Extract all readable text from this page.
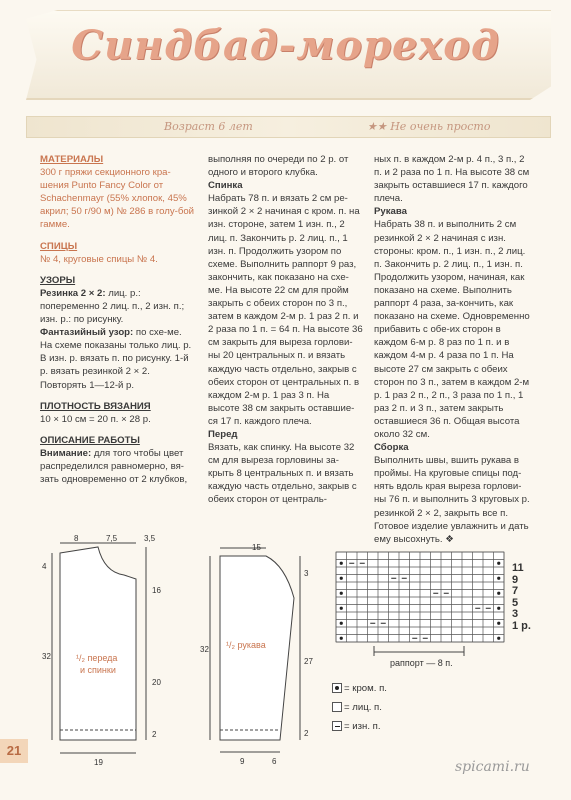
Синдбад-мореход
Возраст 6 лет	★★ Не очень просто
МАТЕРИАЛЫ
300 г пряжи секционного кра-шения Punto Fancy Color от Schachenmayr (55% хлопок, 45% акрил; 50 г/90 м) № 286 в голу-бой гамме.
СПИЦЫ
№ 4, круговые спицы № 4.
УЗОРЫ
Резинка 2 × 2: лиц. р.: попеременно 2 лиц. п., 2 изн. п.; изн. р.: по рисунку.
Фантазийный узор: по схе-ме. На схеме показаны только лиц. р. В изн. р. вязать п. по рисунку. 1-й р. вязать резинкой 2 × 2. Повторять 1—12-й р.
ПЛОТНОСТЬ ВЯЗАНИЯ
10 × 10 см = 20 п. × 28 р.
ОПИСАНИЕ РАБОТЫ
Внимание: для того чтобы цвет распределился равномерно, вя-зать одновременно от 2 клубков,
выполняя по очереди по 2 р. от одного и второго клубка.
Спинка
Набрать 78 п. и вязать 2 см ре-зинкой 2 × 2 начиная с кром. п. на изн. стороне, затем 1 изн. п., 2 лиц. п. Закончить р. 2 лиц. п., 1 изн. п. Продолжить узором по схеме. Выполнить раппорт 9 раз, закончить, как показано на схе-ме. На высоте 22 см для пройм закрыть с обеих сторон по 3 п., затем в каждом 2-м р. 1 раз 2 п. и 2 раза по 1 п. = 64 п. На высоте 36 см закрыть для выреза горлови-ны 20 центральных п. и вязать каждую часть отдельно, закрыв с обеих сторон от центральных п. в каждом 2-м р. 1 раз 3 п. На высоте 38 см закрыть оставшие-ся 17 п. каждого плеча.
Перед
Вязать, как спинку. На высоте 32 см для выреза горловины за-крыть 8 центральных п. и вязать каждую часть отдельно, закрыв с обеих сторон от централь-
ных п. в каждом 2-м р. 4 п., 3 п., 2 п. и 2 раза по 1 п. На высоте 38 см закрыть оставшиеся 17 п. каждого плеча.
Рукава
Набрать 38 п. и выполнить 2 см резинкой 2 × 2 начиная с изн. стороны: кром. п., 1 изн. п., 2 лиц. п. Закончить р. 2 лиц. п., 1 изн. п. Продолжить узором, начиная, как показано на схеме. Выполнить раппорт 4 раза, за-кончить, как показано на схеме. Одновременно прибавить с обе-их сторон в каждом 6-м р. 8 раз по 1 п. и в каждом 4-м р. 4 раза по 1 п. На высоте 27 см закрыть с обеих сторон по 3 п., затем в каждом 2-м р. 1 раз 2 п., 2 п., 3 раза по 1 п., 1 раз 2 п. и 3 п., затем закрыть оставшиеся 36 п. Общая высота около 32 см.
Сборка
Выполнить швы, вшить рукава в проймы. На круговые спицы под-нять вдоль края выреза горлови-ны 76 п. и выполнить 3 круговых р. резинкой 2 × 2, закрыть все п. Готовое изделие увлажнить и дать ему высохнуть. ❖
8	7,5	3,5
4
32
16
20
2
19
¹/₂ переда
и спинки
15
32
3
27
2
9	6
¹/₂ рукава
раппорт — 8 п.
11
9
7
5
3
1 р.
= кром. п.
= лиц. п.
= изн. п.
21
spicami.ru
